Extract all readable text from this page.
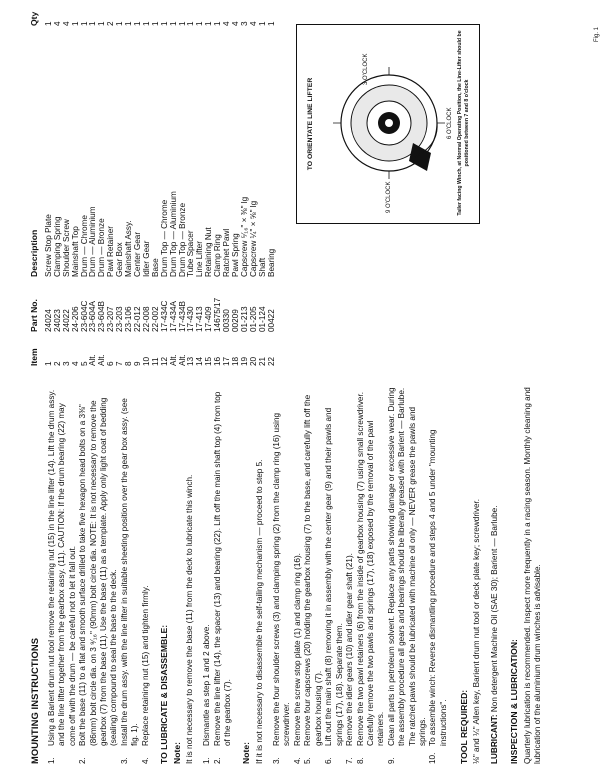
MOUNTING INSTRUCTIONS 1.
Using a Barient drum nut tool remove the retaining nut (15) in the line lifter (14). Lift the drum assy. and the line lifter together from the gearbox assy. (11). CAUTION: If the drum bearing (22) may come off with the drum — be careful not to let it fall out.
2.
Bolt the base (11) to a flat and smooth surface drilled to take five hexagon head bolts on a 3⅜" (86mm) bolt circle dia. on 3 ⁹⁄₁₆" (90mm) bolt circle dia. NOTE: It is not necessary to remove the gearbox (7) from the base (11). Use the base (11) as a template. Apply only light coat of bedding (sealing) compound to seal the base to the deck.
3.
Install the drum assy. with the line lifter in suitable sheeting position over the gear box assy. (see fig. 1).
4.
Replace retaining nut (15) and tighten firmly. TO LUBRICATE & DISASSEMBLE: Note: It is not necessary to remove the base (11) from the deck to lubricate this winch. 1.
Dismantle as step 1 and 2 above.
2.
Remove the line lifter (14), the spacer (13) and bearing (22). Lift off the main shaft top (4) from top of the gearbox (7).
Note: If it is not necessary to disassemble the self-tailing mechanism — proceed to step 5. 3.
Remove the four shoulder screws (3) and clamping spring (2) from the clamp ring (16) using screwdriver.
4.
Remove the screw stop plate (1) and clamp ring (16).
5.
Remove four capscrews (20) holding the gearbox housing (7) to the base, and carefully lift off the gearbox housing (7).
6.
Lift out the main shaft (8) removing it in assembly with the center gear (9) and their pawls and springs (17), (18). Separate them.
7.
Remove the idler gears (10) and idler gear shaft (21).
8.
Remove the two pawl retainers (6) from the inside of gearbox housing (7) using small screwdriver. Carefully remove the two pawls and springs (17), (18) exposed by the removal of the pawl retainers.
9.
Clean all parts in petroleum solvent. Replace any parts showing damage or excessive wear. During the assembly procedure all gears and bearings should be liberally greased with Barient — Barlube. The ratchet pawls should be lubricated with machine oil only — NEVER grease the pawls and springs.
10.
To assemble winch: Reverse dismantling procedure and steps 4 and 5 under "mounting instructions". TOOL REQUIRED: ⅛" and ¼" Allen key, Barient drum nut tool or deck plate key; screwdriver. LUBRICANT: Non detergent Machine Oil (SAE 30); Barient — Barlube. INSPECTION & LUBRICATION: Quarterly lubrication is recommended. Inspect more frequently in a racing season. Monthly cleaning and lubrication of the aluminium drum winches is advisable.

Item
Part No.
Description
Qty
1
24024
Screw Stop Plate
1
2
24023
Clamping Spring
4
3
24022
Shoulder Screw
4
4
24-206
Mainshaft Top
1
5
23-604C
Drum — Chrome
1
Alt.
23-604A
Drum — Aluminium
1
Alt.
23-604B
Drum — Bronze
1
6
23-207
Pawl Retainer
2
7
23-203
Gear Box
1
8
23-106
Mainshaft Assy.
1
9
22-012
Center Gear
1
10
22-008
Idler Gear
1
11
22-002
Base
1
12
17-434C
Drum Top — Chrome
1
Alt.
17-434A
Drum Top — Aluminium
1
Alt.
17-434B
Drum Top — Bronze
1
13
17-430
Tube Spacer
1
14
17-413
Line Lifter
1
15
17-409
Retaining Nut
1
16
14675/17
Clamp Ring
1
17
00330
Ratchet Pawl
4
18
00209
Pawl Spring
4
19
01-213
Capscrew ⁵⁄₁₆" × ⅜" lg
3
20
01-205
Capscrew ¼" × ⅝" lg
4
21
01-124
Shaft
1
22
00422
Bearing
1
TO ORIENTATE LINE LIFTER
3 O'CLOCK
9 O'CLOCK
6 O'CLOCK Tailer facing Winch, at Normal Operating Position, the Line-Lifter should be positioned between 7 and 8 o'clock
Fig. 1
